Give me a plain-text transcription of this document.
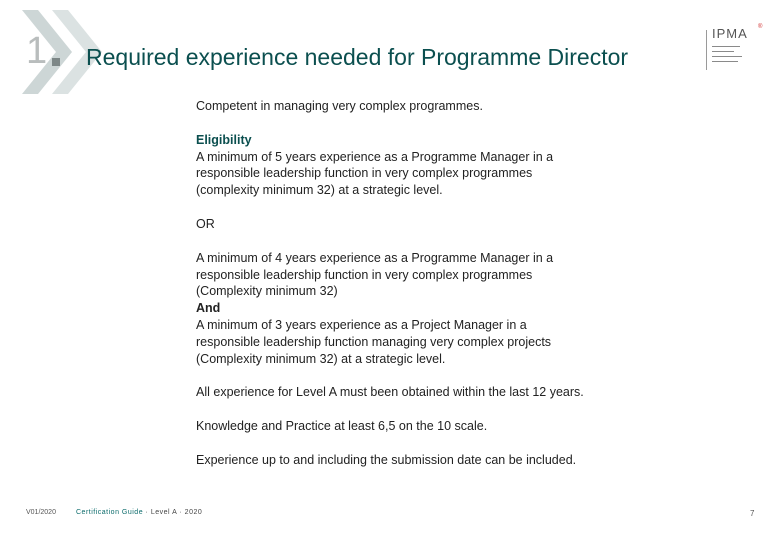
1 Required experience needed for Programme Director
IPMA ®

Competent in managing very complex programmes.

Eligibility

A minimum of 5 years experience as a Programme Manager in a

responsible leadership function in very complex programmes

(complexity minimum 32) at a strategic level.

OR

A minimum of 4 years experience as a Programme Manager in a

responsible leadership function in very complex programmes

(Complexity minimum 32)

And

A minimum of 3 years experience as a Project Manager in a

responsible leadership function managing very complex projects

(Complexity minimum 32) at a strategic level.

All experience for Level A must been obtained within the last 12 years.

Knowledge and Practice at least 6,5 on the 10 scale.

Experience up to and including the submission date can be included.

V01/2020	Certification Guide · Level A · 2020	7
